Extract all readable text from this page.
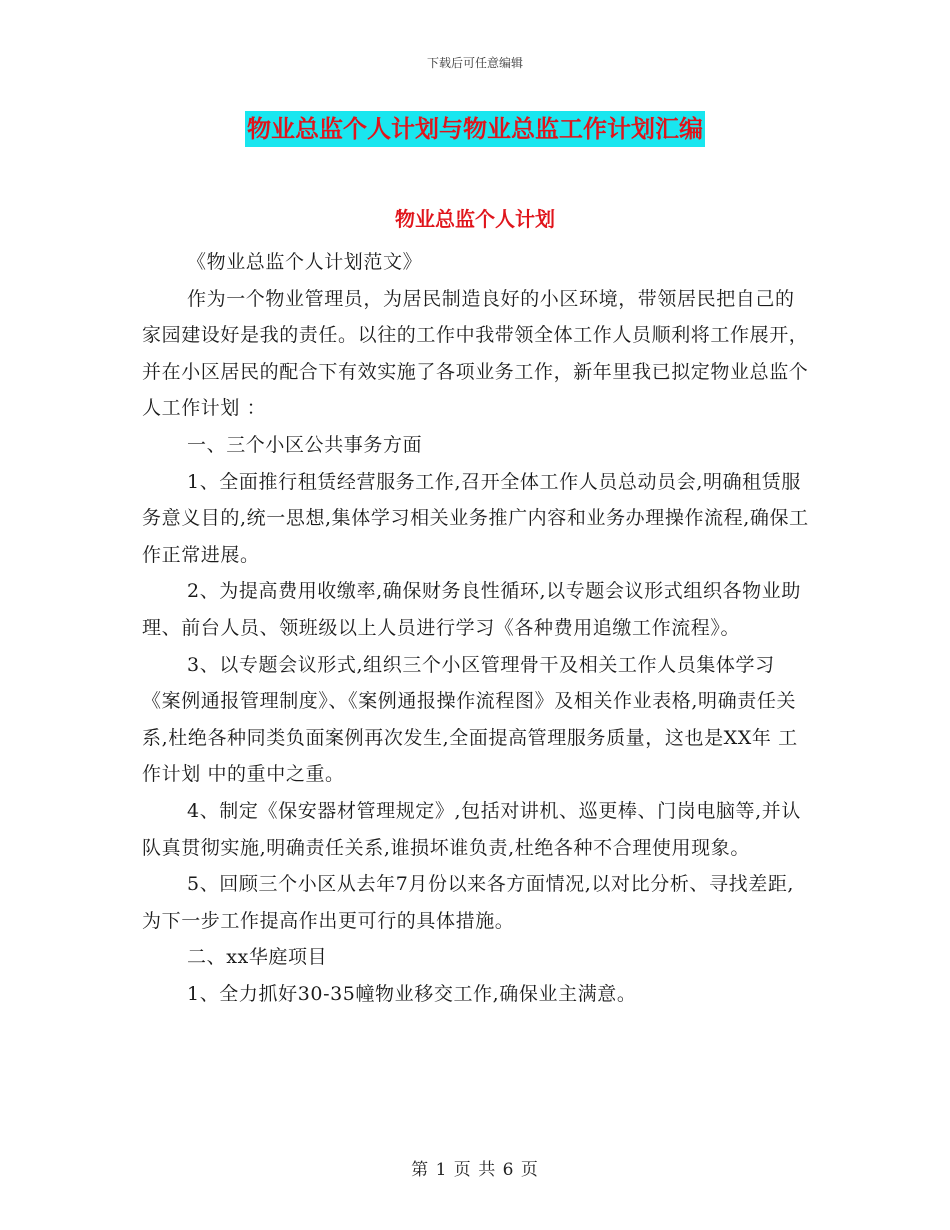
下载后可任意编辑
物业总监个人计划与物业总监工作计划汇编
物业总监个人计划

《物业总监个人计划范文》

作为一个物业管理员，为居民制造良好的小区环境，带领居民把自己的家园建设好是我的责任。以往的工作中我带领全体工作人员顺利将工作展开，并在小区居民的配合下有效实施了各项业务工作，新年里我已拟定物业总监个人工作计划 ：

一、三个小区公共事务方面

1、全面推行租赁经营服务工作,召开全体工作人员总动员会,明确租赁服务意义目的,统一思想,集体学习相关业务推广内容和业务办理操作流程,确保工作正常进展。

2、为提高费用收缴率,确保财务良性循环,以专题会议形式组织各物业助理、前台人员、领班级以上人员进行学习《各种费用追缴工作流程》。

3、以专题会议形式,组织三个小区管理骨干及相关工作人员集体学习《案例通报管理制度》、《案例通报操作流程图》及相关作业表格,明确责任关系,杜绝各种同类负面案例再次发生,全面提高管理服务质量，这也是XX年 工作计划 中的重中之重。

4、制定《保安器材管理规定》,包括对讲机、巡更棒、门岗电脑等,并认队真贯彻实施,明确责任关系,谁损坏谁负责,杜绝各种不合理使用现象。

5、回顾三个小区从去年7月份以来各方面情况,以对比分析、寻找差距,为下一步工作提高作出更可行的具体措施。

二、xx华庭项目

1、全力抓好30-35幢物业移交工作,确保业主满意。

第 1 页 共 6 页
